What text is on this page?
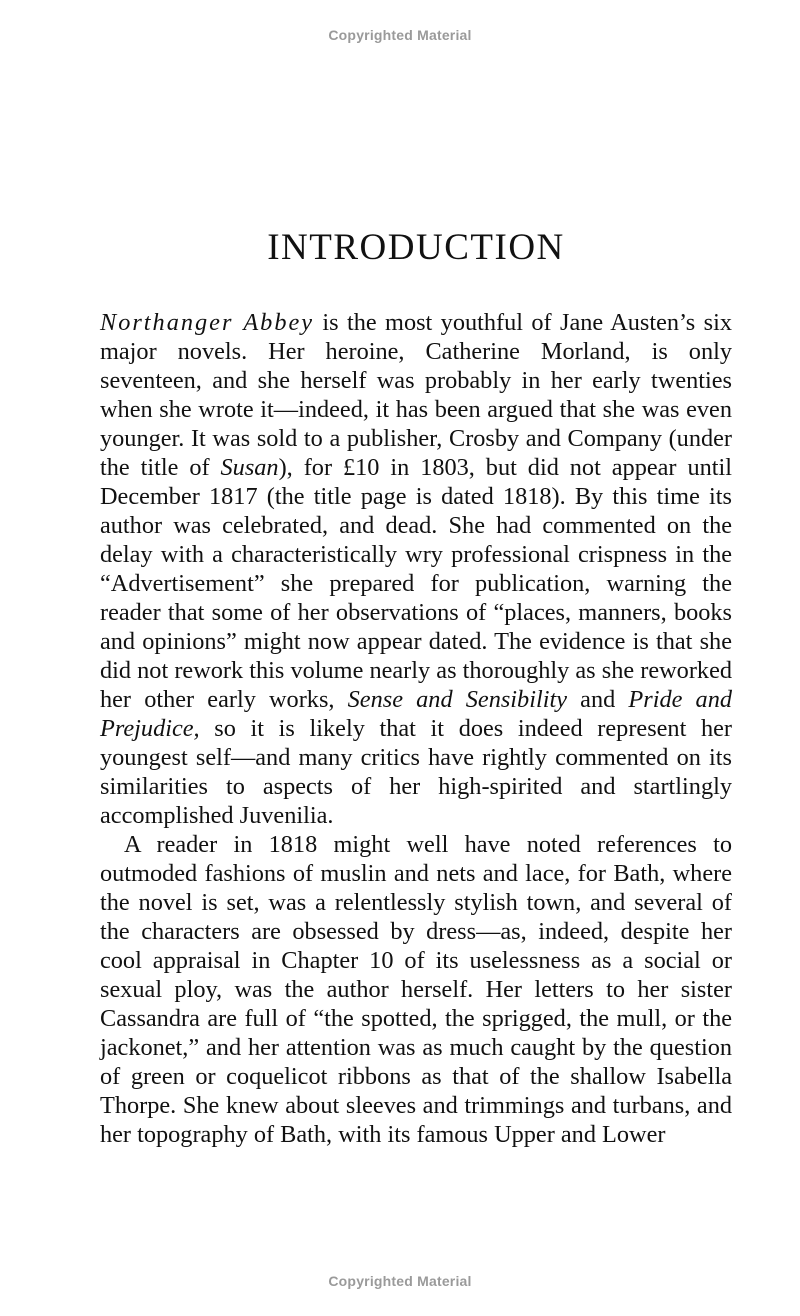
Copyrighted Material
INTRODUCTION

Northanger Abbey is the most youthful of Jane Austen’s six major novels. Her heroine, Catherine Morland, is only seventeen, and she herself was probably in her early twenties when she wrote it—indeed, it has been argued that she was even younger. It was sold to a publisher, Crosby and Company (under the title of Susan), for £10 in 1803, but did not appear until December 1817 (the title page is dated 1818). By this time its author was celebrated, and dead. She had commented on the delay with a characteristically wry professional crispness in the “Advertisement” she prepared for publication, warning the reader that some of her observations of “places, manners, books and opinions” might now appear dated. The evidence is that she did not rework this volume nearly as thoroughly as she reworked her other early works, Sense and Sensibility and Pride and Prejudice, so it is likely that it does indeed represent her youngest self—and many critics have rightly commented on its similarities to aspects of her high-spirited and startlingly accomplished Juvenilia.

A reader in 1818 might well have noted references to outmoded fashions of muslin and nets and lace, for Bath, where the novel is set, was a relentlessly stylish town, and several of the characters are obsessed by dress—as, indeed, despite her cool appraisal in Chapter 10 of its uselessness as a social or sexual ploy, was the author herself. Her letters to her sister Cassandra are full of “the spotted, the sprigged, the mull, or the jackonet,” and her attention was as much caught by the question of green or coquelicot ribbons as that of the shallow Isabella Thorpe. She knew about sleeves and trimmings and turbans, and her topography of Bath, with its famous Upper and Lower

Copyrighted Material
